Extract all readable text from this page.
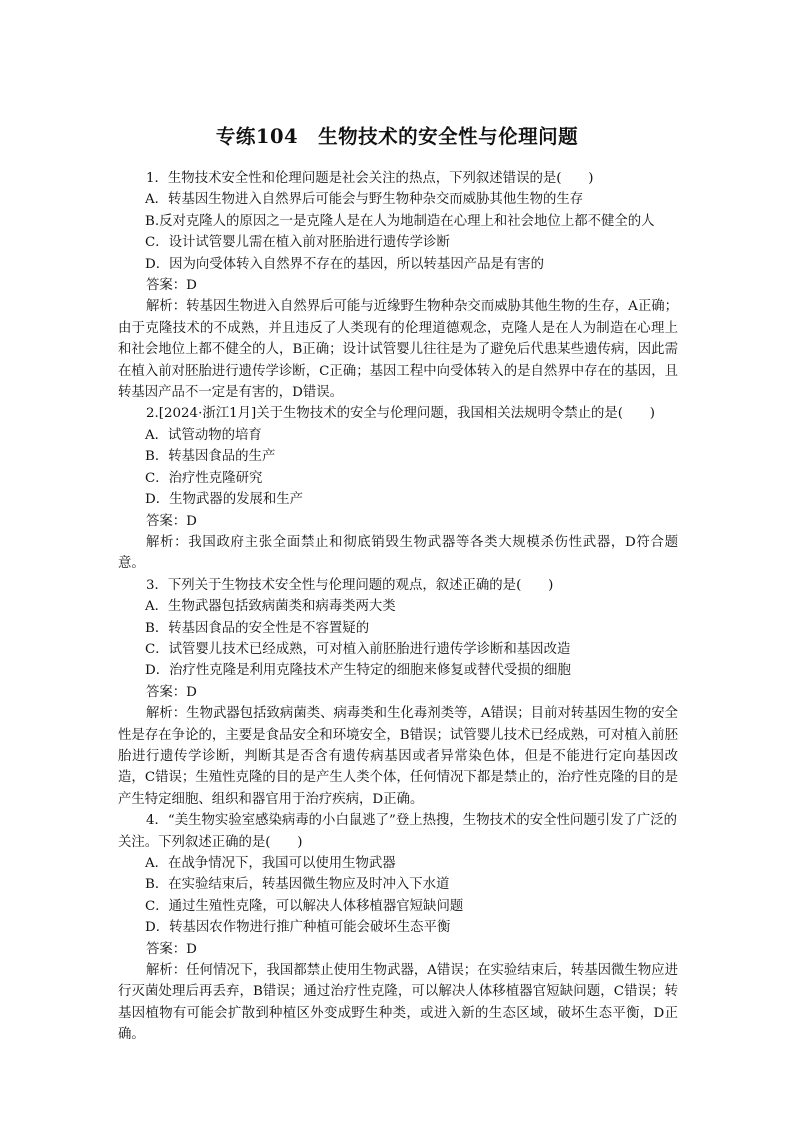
专练104　生物技术的安全性与伦理问题

1．生物技术安全性和伦理问题是社会关注的热点，下列叙述错误的是(　　)

A．转基因生物进入自然界后可能会与野生物种杂交而威胁其他生物的生存

B.反对克隆人的原因之一是克隆人是在人为地制造在心理上和社会地位上都不健全的人

C．设计试管婴儿需在植入前对胚胎进行遗传学诊断

D．因为向受体转入自然界不存在的基因，所以转基因产品是有害的

答案：D

解析：转基因生物进入自然界后可能与近缘野生物种杂交而威胁其他生物的生存，A正确；由于克隆技术的不成熟，并且违反了人类现有的伦理道德观念，克隆人是在人为制造在心理上和社会地位上都不健全的人，B正确；设计试管婴儿往往是为了避免后代患某些遗传病，因此需在植入前对胚胎进行遗传学诊断，C正确；基因工程中向受体转入的是自然界中存在的基因，且转基因产品不一定是有害的，D错误。

2.[2024·浙江1月]关于生物技术的安全与伦理问题，我国相关法规明令禁止的是(　　)

A．试管动物的培育

B．转基因食品的生产

C．治疗性克隆研究

D．生物武器的发展和生产

答案：D

解析：我国政府主张全面禁止和彻底销毁生物武器等各类大规模杀伤性武器，D符合题意。

3．下列关于生物技术安全性与伦理问题的观点，叙述正确的是(　　)

A．生物武器包括致病菌类和病毒类两大类

B．转基因食品的安全性是不容置疑的

C．试管婴儿技术已经成熟，可对植入前胚胎进行遗传学诊断和基因改造

D．治疗性克隆是利用克隆技术产生特定的细胞来修复或替代受损的细胞

答案：D

解析：生物武器包括致病菌类、病毒类和生化毒剂类等，A错误；目前对转基因生物的安全性是存在争论的，主要是食品安全和环境安全，B错误；试管婴儿技术已经成熟，可对植入前胚胎进行遗传学诊断，判断其是否含有遗传病基因或者异常染色体，但是不能进行定向基因改造，C错误；生殖性克隆的目的是产生人类个体，任何情况下都是禁止的，治疗性克隆的目的是产生特定细胞、组织和器官用于治疗疾病，D正确。

4．“美生物实验室感染病毒的小白鼠逃了”登上热搜，生物技术的安全性问题引发了广泛的关注。下列叙述正确的是(　　)

A．在战争情况下，我国可以使用生物武器

B．在实验结束后，转基因微生物应及时冲入下水道

C．通过生殖性克隆，可以解决人体移植器官短缺问题

D．转基因农作物进行推广种植可能会破坏生态平衡

答案：D

解析：任何情况下，我国都禁止使用生物武器，A错误；在实验结束后，转基因微生物应进行灭菌处理后再丢弃，B错误；通过治疗性克隆，可以解决人体移植器官短缺问题，C错误；转基因植物有可能会扩散到种植区外变成野生种类，或进入新的生态区域，破坏生态平衡，D正确。
